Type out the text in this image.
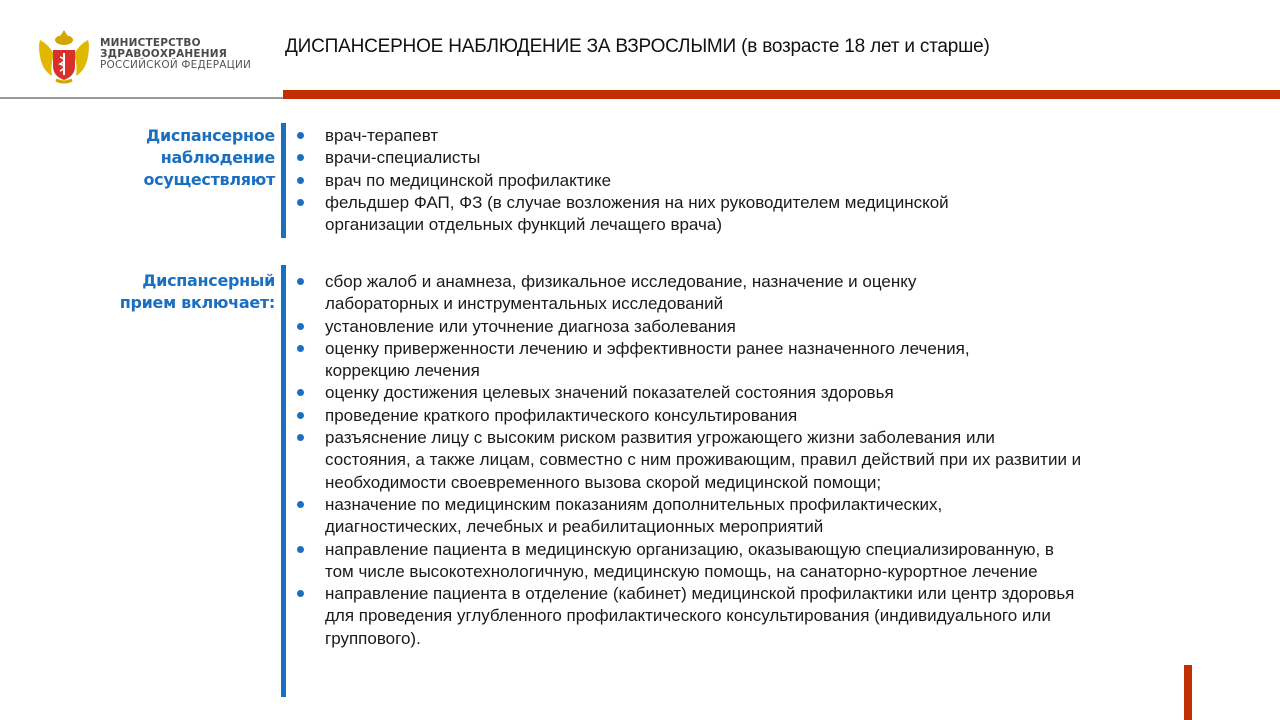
МИНИСТЕРСТВО
ЗДРАВООХРАНЕНИЯ
РОССИЙСКОЙ ФЕДЕРАЦИИ
ДИСПАНСЕРНОЕ НАБЛЮДЕНИЕ ЗА ВЗРОСЛЫМИ (в возрасте 18 лет и старше)
Диспансерное
наблюдение
осуществляют
врач-терапевт
врачи-специалисты
врач по медицинской профилактике
фельдшер ФАП, ФЗ (в случае возложения на них руководителем медицинской организации отдельных функций лечащего врача)
Диспансерный
прием включает:
сбор жалоб и анамнеза, физикальное исследование, назначение и оценку лабораторных и инструментальных исследований
установление или уточнение диагноза заболевания
оценку приверженности лечению и эффективности ранее назначенного лечения, коррекцию лечения
оценку достижения целевых значений показателей состояния здоровья
проведение краткого профилактического консультирования
разъяснение лицу с высоким риском развития угрожающего жизни заболевания или состояния, а также лицам, совместно с ним проживающим, правил действий при их развитии и необходимости своевременного вызова скорой медицинской помощи;
назначение по медицинским показаниям дополнительных профилактических, диагностических, лечебных и реабилитационных мероприятий
направление пациента в медицинскую организацию, оказывающую специализированную, в том числе высокотехнологичную, медицинскую помощь, на санаторно-курортное лечение
направление пациента в отделение (кабинет) медицинской профилактики или центр здоровья для проведения углубленного профилактического консультирования (индивидуального или группового).
